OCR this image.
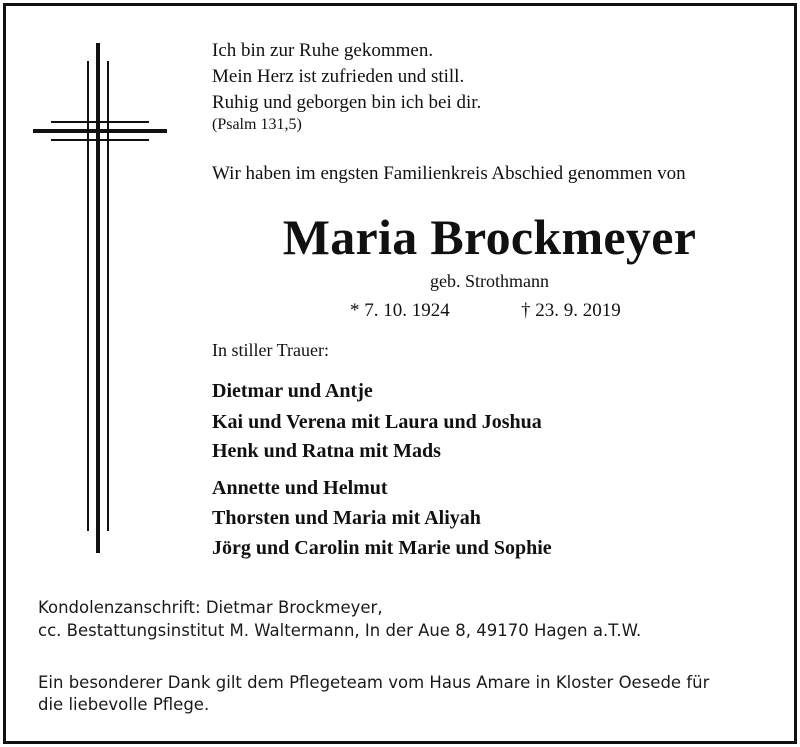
Ich bin zur Ruhe gekommen.
Mein Herz ist zufrieden und still.
Ruhig und geborgen bin ich bei dir.
(Psalm 131,5)
Wir haben im engsten Familienkreis Abschied genommen von
Maria Brockmeyer
geb. Strothmann
* 7. 10. 1924	† 23. 9. 2019
In stiller Trauer:
Dietmar und Antje
Kai und Verena mit Laura und Joshua
Henk und Ratna mit Mads
Annette und Helmut
Thorsten und Maria mit Aliyah
Jörg und Carolin mit Marie und Sophie
Kondolenzanschrift: Dietmar Brockmeyer,
cc. Bestattungsinstitut M. Waltermann, In der Aue 8, 49170 Hagen a.T.W.
Ein besonderer Dank gilt dem Pflegeteam vom Haus Amare in Kloster Oesede für
die liebevolle Pflege.
